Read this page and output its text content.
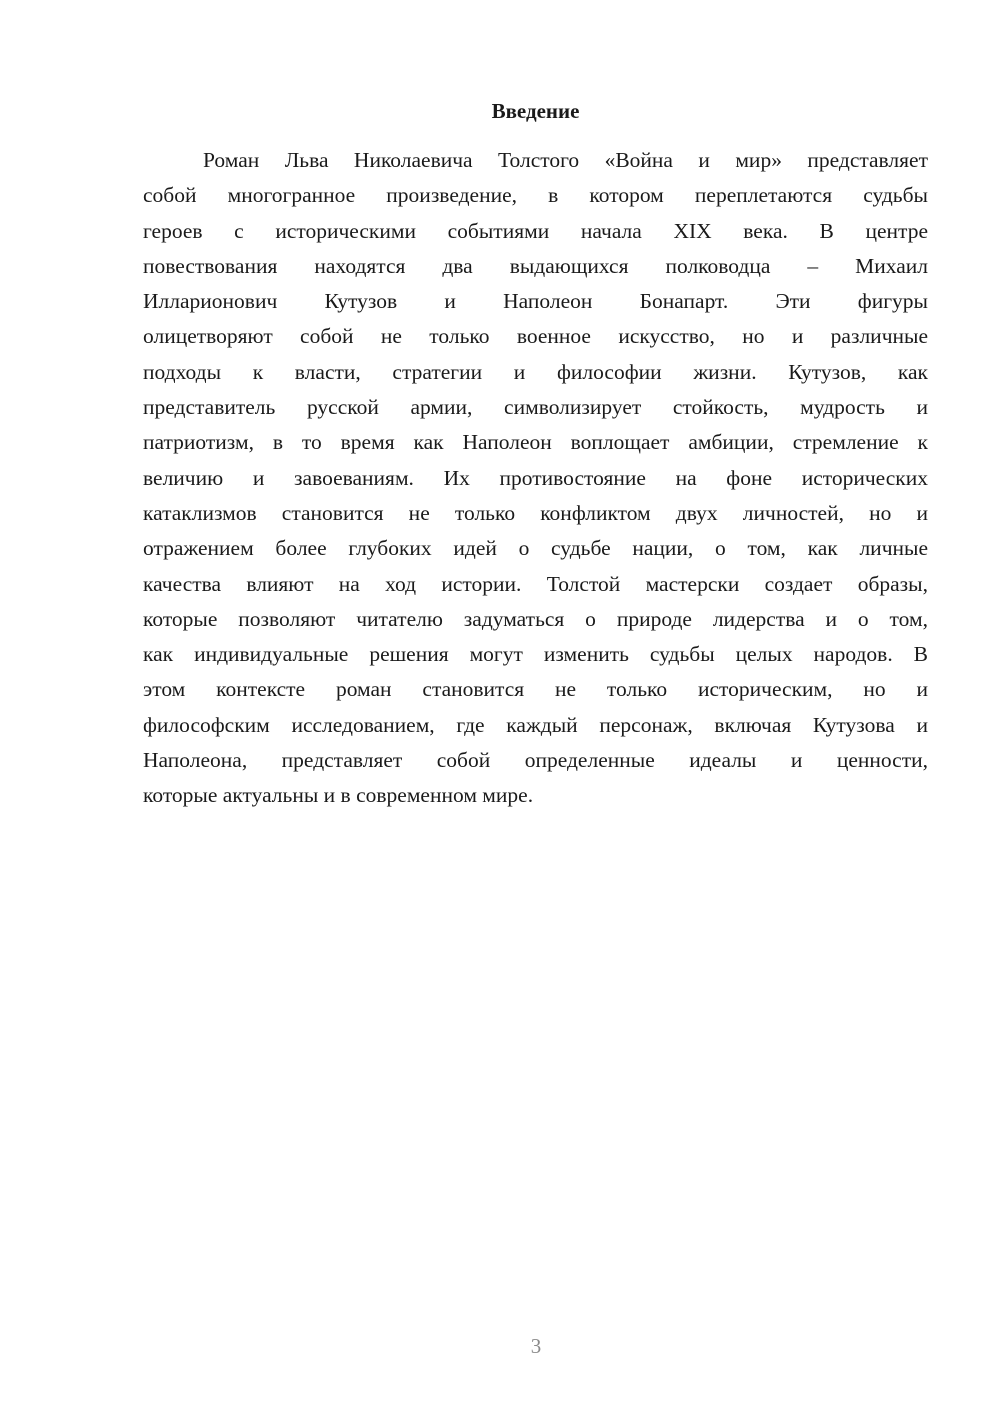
Введение
Роман Льва Николаевича Толстого «Война и мир» представляет
собой многогранное произведение, в котором переплетаются судьбы
героев с историческими событиями начала XIX века. В центре
повествования находятся два выдающихся полководца – Михаил
Илларионович Кутузов и Наполеон Бонапарт. Эти фигуры
олицетворяют собой не только военное искусство, но и различные
подходы к власти, стратегии и философии жизни. Кутузов, как
представитель русской армии, символизирует стойкость, мудрость и
патриотизм, в то время как Наполеон воплощает амбиции, стремление к
величию и завоеваниям. Их противостояние на фоне исторических
катаклизмов становится не только конфликтом двух личностей, но и
отражением более глубоких идей о судьбе нации, о том, как личные
качества влияют на ход истории. Толстой мастерски создает образы,
которые позволяют читателю задуматься о природе лидерства и о том,
как индивидуальные решения могут изменить судьбы целых народов. В
этом контексте роман становится не только историческим, но и
философским исследованием, где каждый персонаж, включая Кутузова и
Наполеона, представляет собой определенные идеалы и ценности,
которые актуальны и в современном мире.
3
